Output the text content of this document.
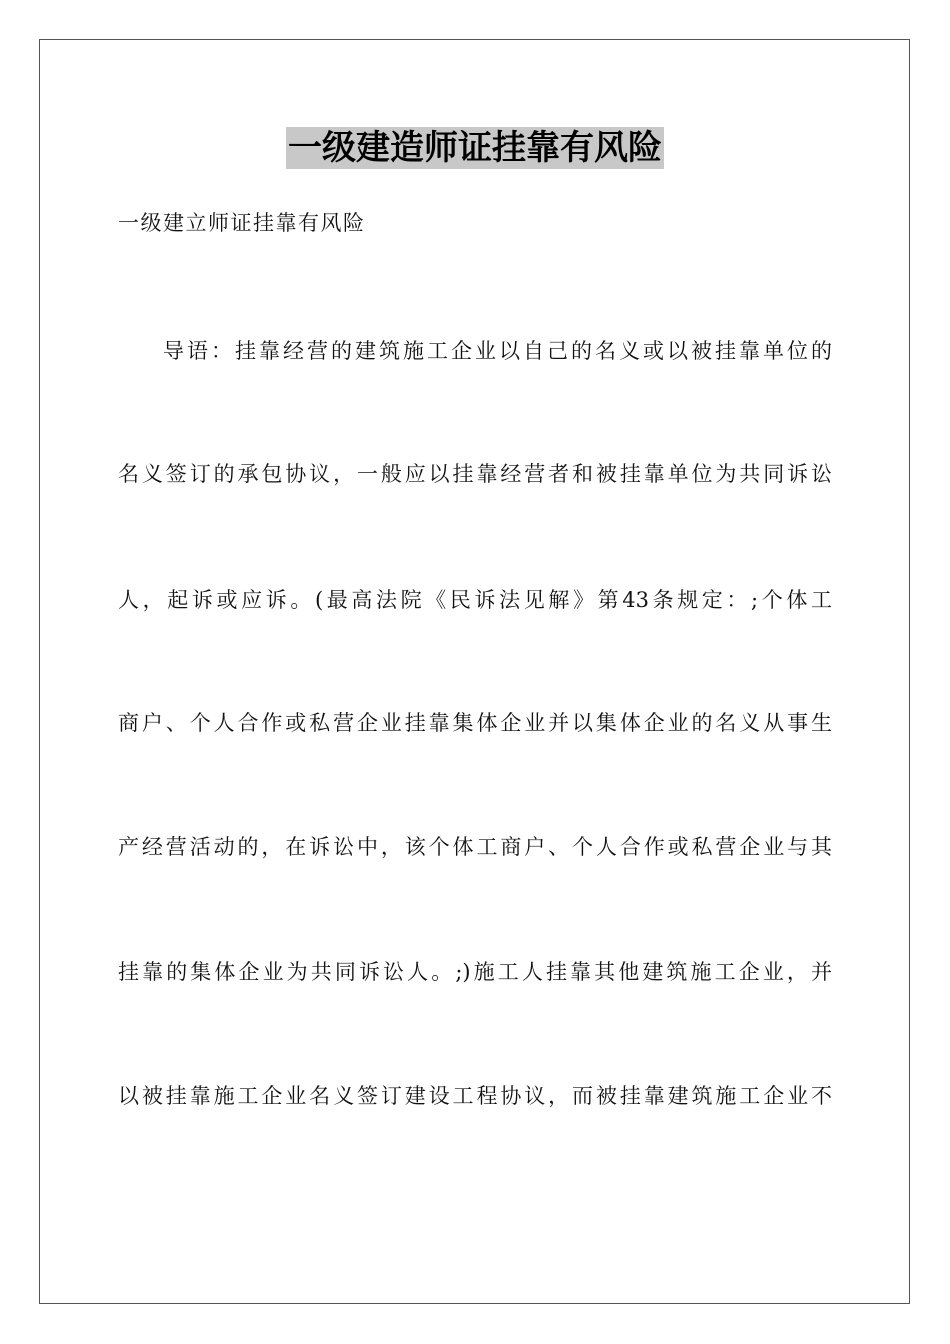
一级建造师证挂靠有风险
一级建立师证挂靠有风险
导语：挂靠经营的建筑施工企业以自己的名义或以被挂靠单位的
名义签订的承包协议，一般应以挂靠经营者和被挂靠单位为共同诉讼
人，起诉或应诉。(最高法院《民诉法见解》第43条规定：;个体工
商户、个人合作或私营企业挂靠集体企业并以集体企业的名义从事生
产经营活动的，在诉讼中，该个体工商户、个人合作或私营企业与其
挂靠的集体企业为共同诉讼人。;)施工人挂靠其他建筑施工企业，并
以被挂靠施工企业名义签订建设工程协议，而被挂靠建筑施工企业不
